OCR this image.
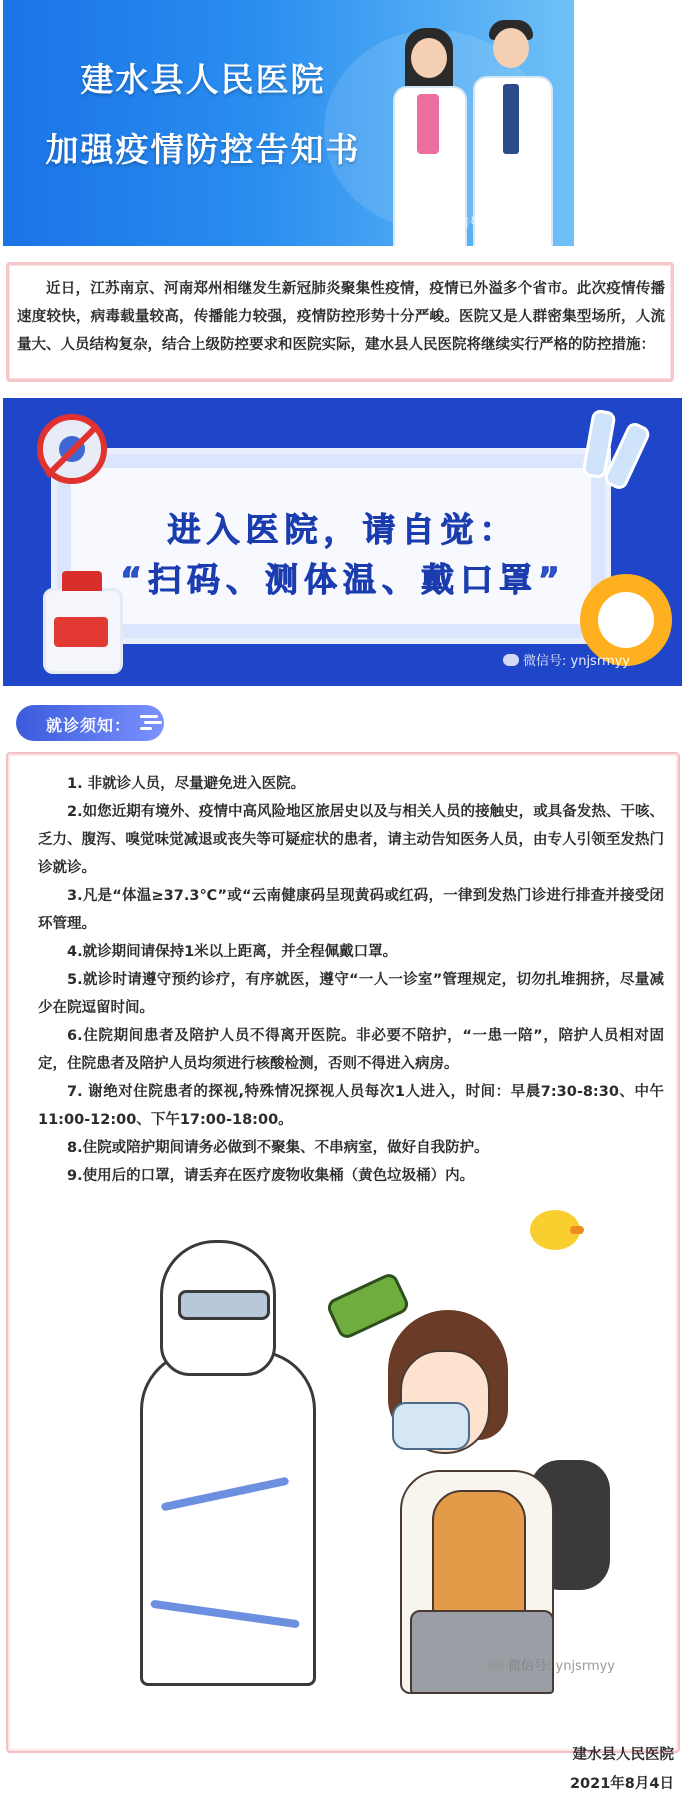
建水县人民医院
加强疫情防控告知书
微信号: ynjsrmyy

近日，江苏南京、河南郑州相继发生新冠肺炎聚集性疫情，疫情已外溢多个省市。此次疫情传播速度较快，病毒载量较高，传播能力较强，疫情防控形势十分严峻。医院又是人群密集型场所，人流量大、人员结构复杂，结合上级防控要求和医院实际，建水县人民医院将继续实行严格的防控措施：

进入医院，请自觉：
“扫码、测体温、戴口罩”
微信号: ynjsrmyy
就诊须知：
1. 非就诊人员，尽量避免进入医院。
2.如您近期有境外、疫情中高风险地区旅居史以及与相关人员的接触史，或具备发热、干咳、乏力、腹泻、嗅觉味觉减退或丧失等可疑症状的患者，请主动告知医务人员，由专人引领至发热门诊就诊。
3.凡是“体温≥37.3℃”或“云南健康码呈现黄码或红码，一律到发热门诊进行排查并接受闭环管理。
4.就诊期间请保持1米以上距离，并全程佩戴口罩。
5.就诊时请遵守预约诊疗，有序就医，遵守“一人一诊室”管理规定，切勿扎堆拥挤，尽量减少在院逗留时间。
6.住院期间患者及陪护人员不得离开医院。非必要不陪护，“一患一陪”，陪护人员相对固定，住院患者及陪护人员均须进行核酸检测，否则不得进入病房。
7. 谢绝对住院患者的探视,特殊情况探视人员每次1人进入，时间：早晨7:30-8:30、中午11:00-12:00、下午17:00-18:00。
8.住院或陪护期间请务必做到不聚集、不串病室，做好自我防护。
9.使用后的口罩，请丢弃在医疗废物收集桶（黄色垃圾桶）内。
微信号: ynjsrmyy
建水县人民医院
2021年8月4日
